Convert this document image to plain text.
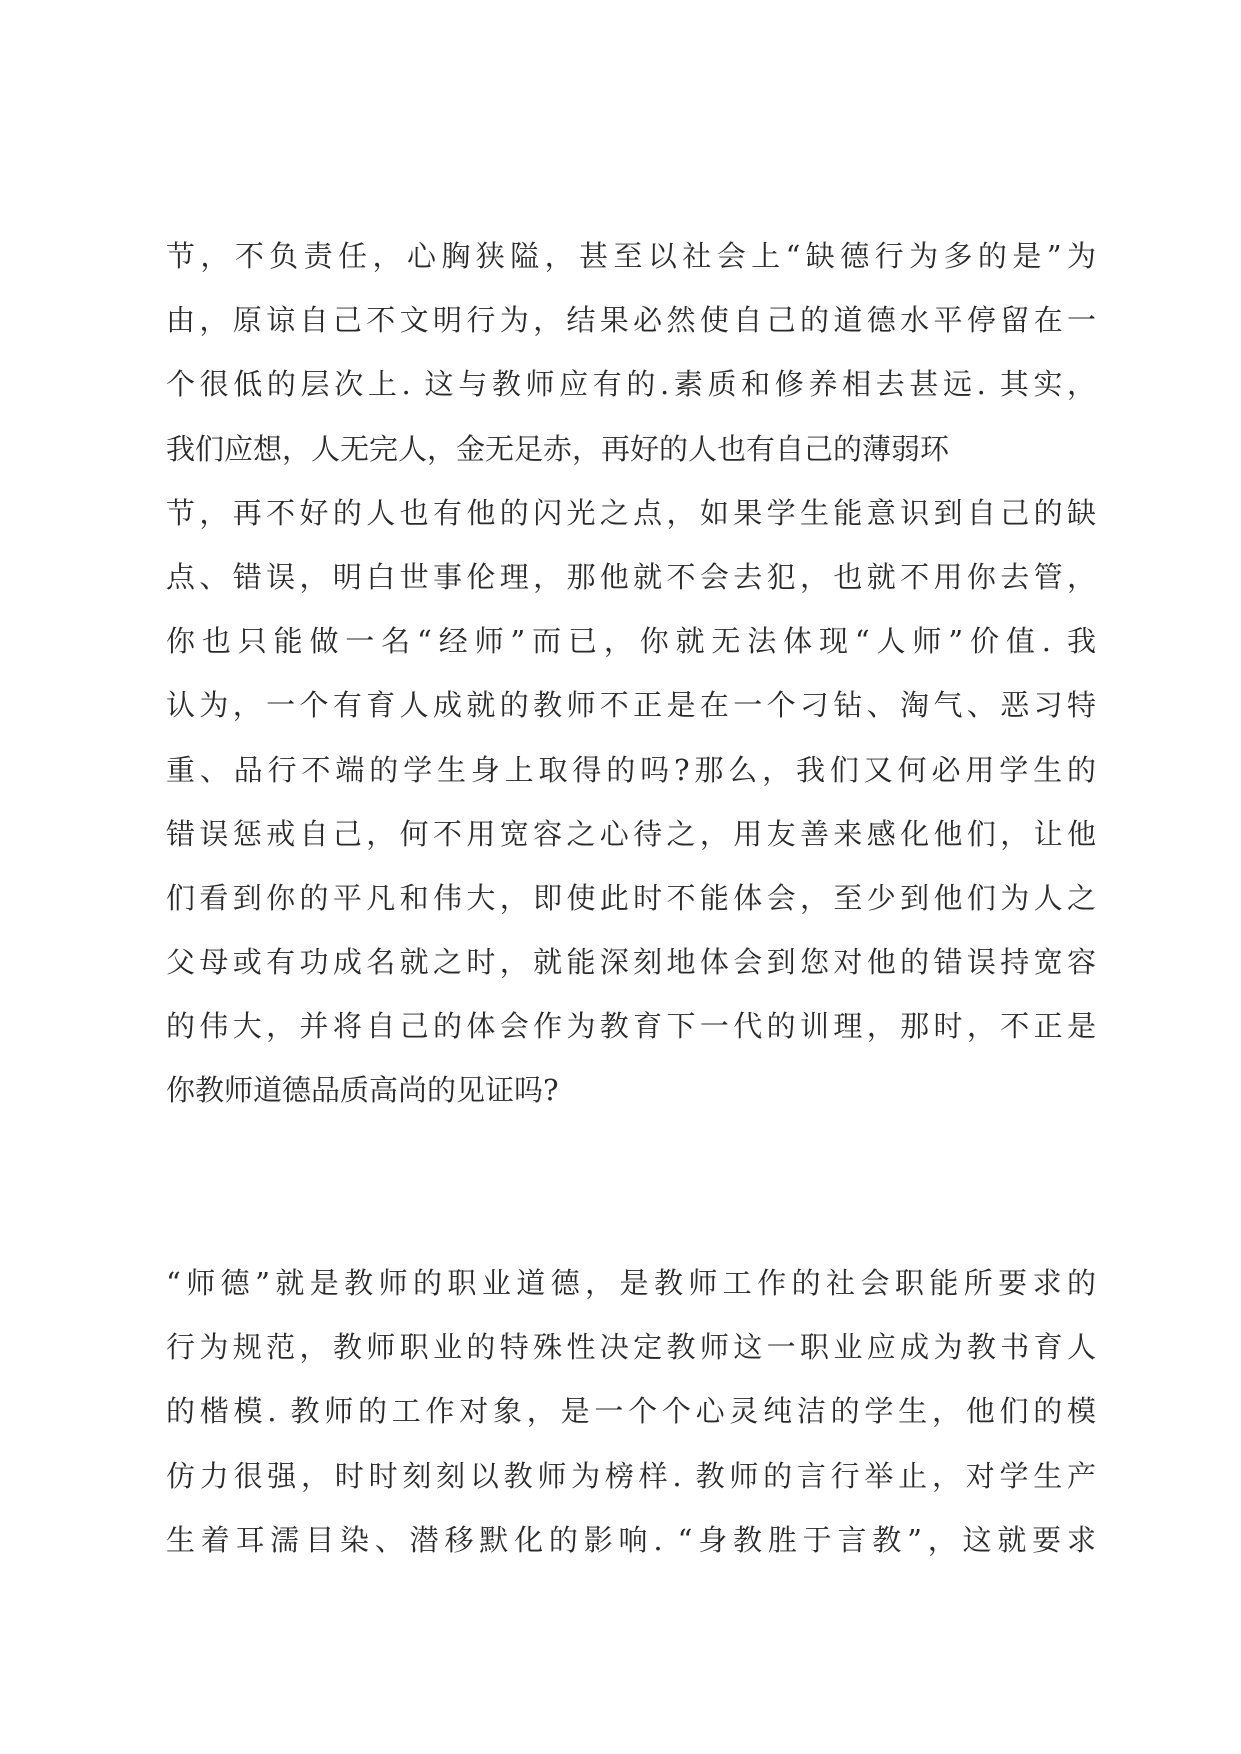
节，不负责任，心胸狭隘，甚至以社会上“缺德行为多的是”为
由，原谅自己不文明行为，结果必然使自己的道德水平停留在一
个很低的层次上. 这与教师应有的.素质和修养相去甚远. 其实，
我们应想，人无完人，金无足赤，再好的人也有自己的薄弱环
节，再不好的人也有他的闪光之点，如果学生能意识到自己的缺
点、错误，明白世事伦理，那他就不会去犯，也就不用你去管，
你也只能做一名“经师”而已，你就无法体现“人师”价值. 我
认为，一个有育人成就的教师不正是在一个刁钻、淘气、恶习特
重、品行不端的学生身上取得的吗?那么，我们又何必用学生的
错误惩戒自己，何不用宽容之心待之，用友善来感化他们，让他
们看到你的平凡和伟大，即使此时不能体会，至少到他们为人之
父母或有功成名就之时，就能深刻地体会到您对他的错误持宽容
的伟大，并将自己的体会作为教育下一代的训理，那时，不正是
你教师道德品质高尚的见证吗?
“师德”就是教师的职业道德，是教师工作的社会职能所要求的
行为规范，教师职业的特殊性决定教师这一职业应成为教书育人
的楷模. 教师的工作对象，是一个个心灵纯洁的学生，他们的模
仿力很强，时时刻刻以教师为榜样. 教师的言行举止，对学生产
生着耳濡目染、潜移默化的影响. “身教胜于言教”，这就要求
